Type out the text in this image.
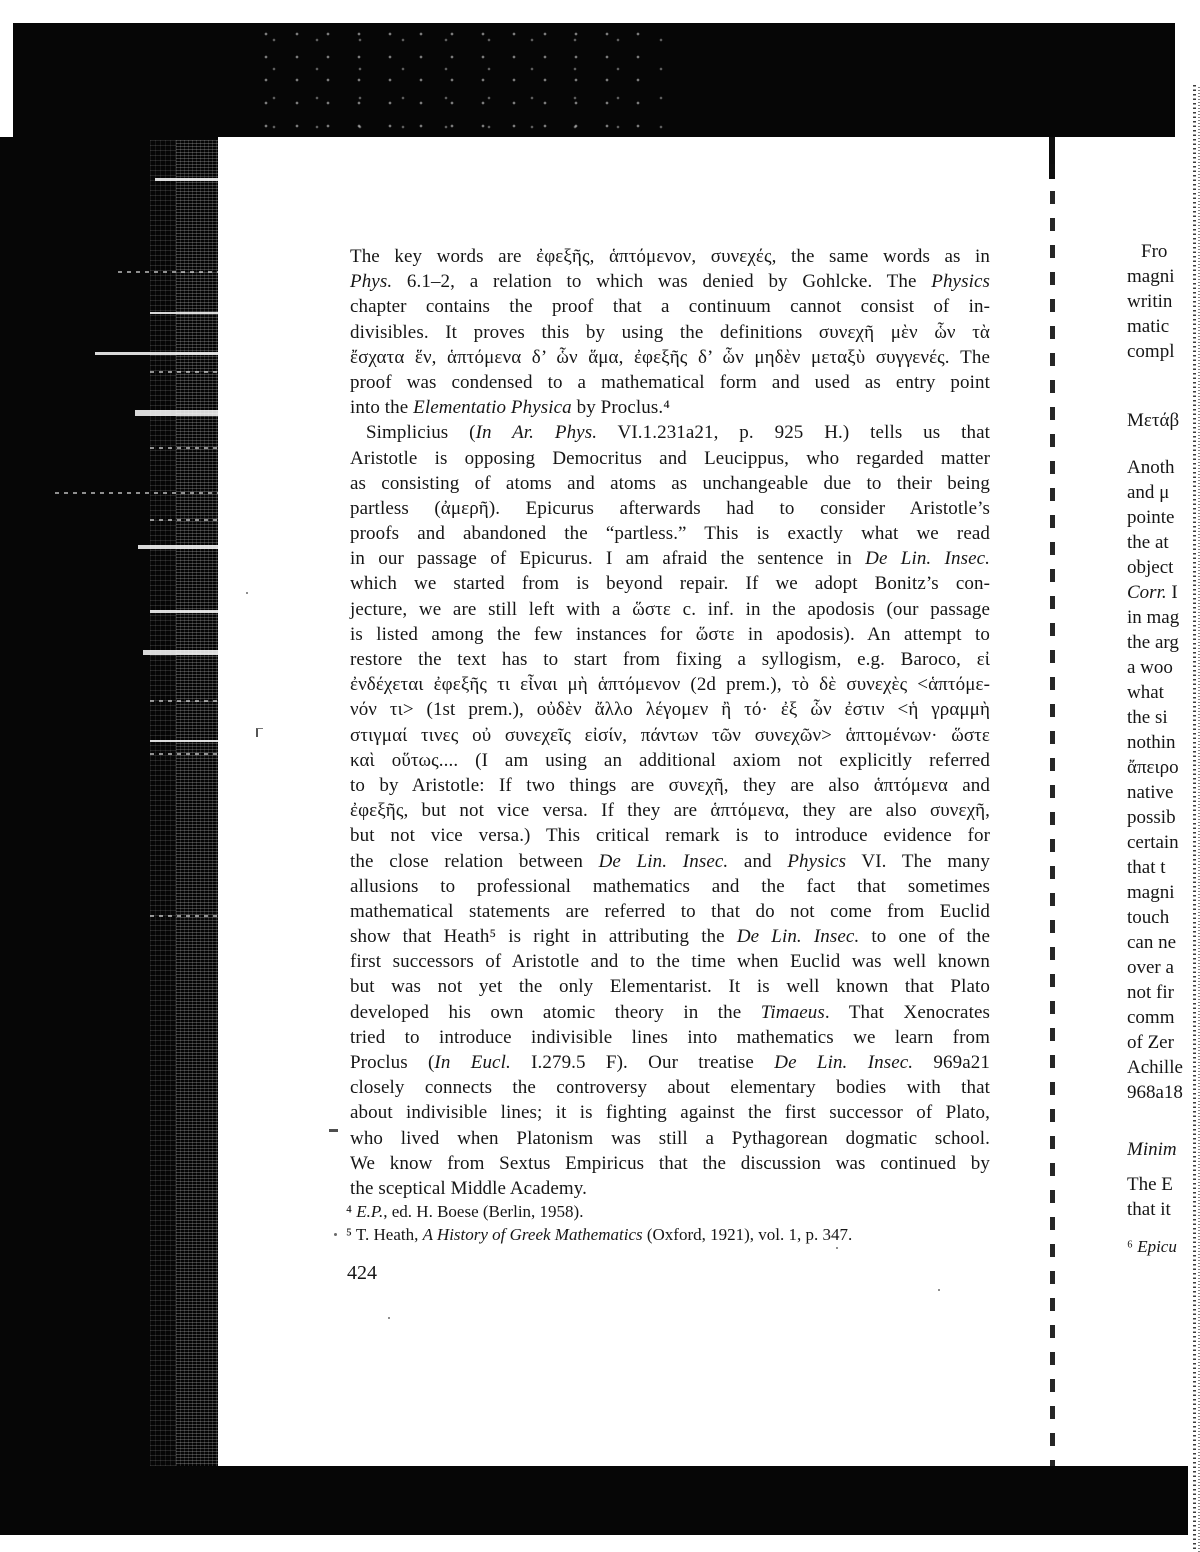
The key words are ἐφεξῆς, ἁπτόμενον, συνεχές, the same words as in
Phys. 6.1–2, a relation to which was denied by Gohlcke. The Physics
chapter contains the proof that a continuum cannot consist of in-
divisibles. It proves this by using the definitions συνεχῆ μὲν ὧν τὰ
ἔσχατα ἕν, ἁπτόμενα δ’ ὧν ἅμα, ἐφεξῆς δ’ ὧν μηδὲν μεταξὺ συγγενές. The
proof was condensed to a mathematical form and used as entry point
into the Elementatio Physica by Proclus.⁴
Simplicius (In Ar. Phys. VI.1.231a21, p. 925 H.) tells us that
Aristotle is opposing Democritus and Leucippus, who regarded matter
as consisting of atoms and atoms as unchangeable due to their being
partless (ἀμερῆ). Epicurus afterwards had to consider Aristotle’s
proofs and abandoned the “partless.” This is exactly what we read
in our passage of Epicurus. I am afraid the sentence in De Lin. Insec.
which we started from is beyond repair. If we adopt Bonitz’s con-
jecture, we are still left with a ὥστε c. inf. in the apodosis (our passage
is listed among the few instances for ὥστε in apodosis). An attempt to
restore the text has to start from fixing a syllogism, e.g. Baroco, εἰ
ἐνδέχεται ἐφεξῆς τι εἶναι μὴ ἁπτόμενον (2d prem.), τὸ δὲ συνεχὲς <ἁπτόμε-
νόν τι> (1st prem.), οὐδὲν ἄλλο λέγομεν ἢ τό· ἐξ ὧν ἐστιν <ἡ γραμμὴ
στιγμαί τινες οὐ συνεχεῖς εἰσίν, πάντων τῶν συνεχῶν> ἁπτομένων· ὥστε
καὶ οὕτως.... (I am using an additional axiom not explicitly referred
to by Aristotle: If two things are συνεχῆ, they are also ἁπτόμενα and
ἐφεξῆς, but not vice versa. If they are ἁπτόμενα, they are also συνεχῆ,
but not vice versa.) This critical remark is to introduce evidence for
the close relation between De Lin. Insec. and Physics VI. The many
allusions to professional mathematics and the fact that sometimes
mathematical statements are referred to that do not come from Euclid
show that Heath⁵ is right in attributing the De Lin. Insec. to one of the
first successors of Aristotle and to the time when Euclid was well known
but was not yet the only Elementarist. It is well known that Plato
developed his own atomic theory in the Timaeus. That Xenocrates
tried to introduce indivisible lines into mathematics we learn from
Proclus (In Eucl. I.279.5 F). Our treatise De Lin. Insec. 969a21
closely connects the controversy about elementary bodies with that
about indivisible lines; it is fighting against the first successor of Plato,
who lived when Platonism was still a Pythagorean dogmatic school.
We know from Sextus Empiricus that the discussion was continued by
the sceptical Middle Academy.
⁴ E.P., ed. H. Boese (Berlin, 1958).
⁵ T. Heath, A History of Greek Mathematics (Oxford, 1921), vol. 1, p. 347.
424
Fro
magni
writin
matic
compl
Μετάβ
Anoth
and μ
pointe
the at
object
Corr. I
in mag
the arg
a woo
what
the si
nothin
ἄπειρο
native
possib
certain
that t
magni
touch
can ne
over a
not fir
comm
of Zer
Achille
968a18
Minim
The E
that it
⁶ Epicu
